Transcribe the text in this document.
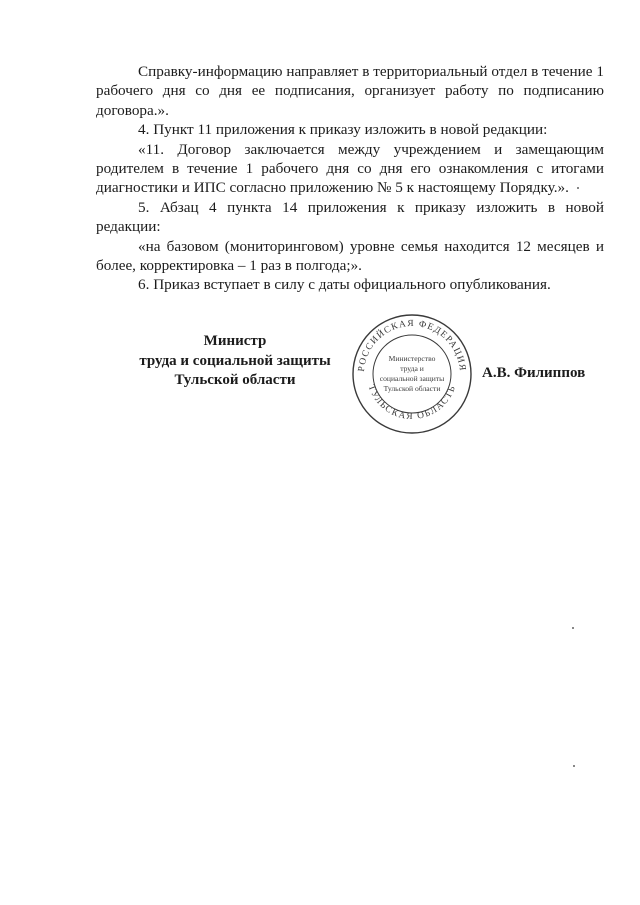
Справку-информацию направляет в территориальный отдел в течение 1 рабочего дня со дня ее подписания, организует работу по подписанию договора.».

4. Пункт 11 приложения к приказу изложить в новой редакции:

«11. Договор заключается между учреждением и замещающим родителем в течение 1 рабочего дня со дня его ознакомления с итогами диагностики и ИПС согласно приложению № 5 к настоящему Порядку.».

5. Абзац 4 пункта 14 приложения к приказу изложить в новой редакции:

«на базовом (мониторинговом) уровне семья находится 12 месяцев и более, корректировка – 1 раз в полгода;».

6. Приказ вступает в силу с даты официального опубликования.

Министр
труда и социальной защиты
Тульской области
РОССИЙСКАЯ ФЕДЕРАЦИЯ
ТУЛЬСКАЯ ОБЛАСТЬ
Министерство
труда и
социальной защиты
Тульской области
А.В. Филиппов
